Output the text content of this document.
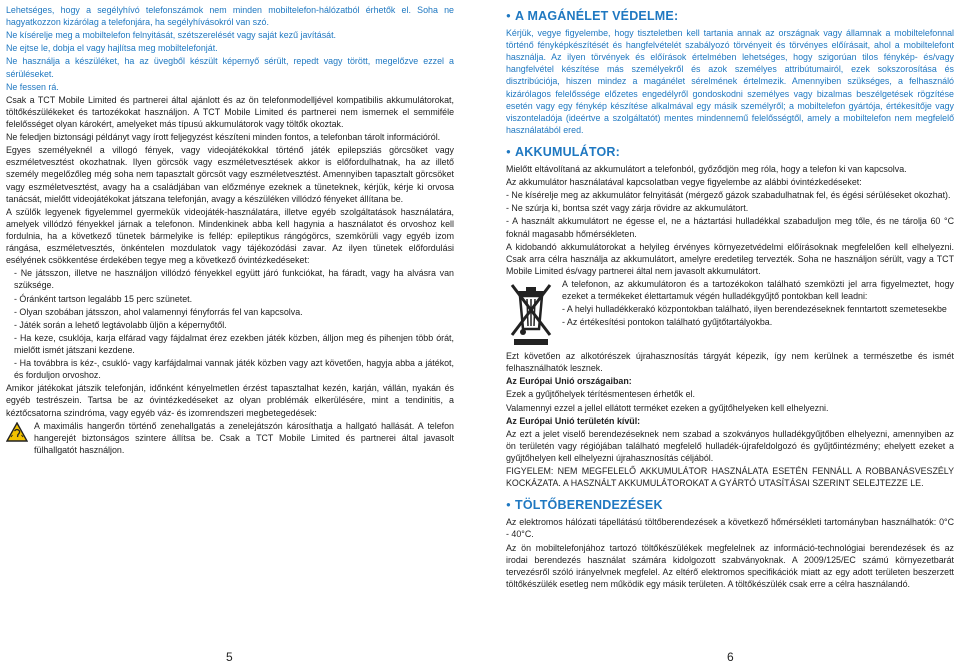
Lehetséges, hogy a segélyhívó telefonszámok nem minden mobiltelefon-hálózatból érhetők el. Soha ne hagyatkozzon kizárólag a telefonjára, ha segélyhívásokról van szó.

Ne kísérelje meg a mobiltelefon felnyitását, szétszerelését vagy saját kezű javítását.

Ne ejtse le, dobja el vagy hajlítsa meg mobiltelefonját.

Ne használja a készüléket, ha az üvegből készült képernyő sérült, repedt vagy törött, megelőzve ezzel a sérüléseket.

Ne fessen rá.

Csak a TCT Mobile Limited és partnerei által ajánlott és az ön telefonmodelljével kompatibilis akkumulátorokat, töltőkészülékeket és tartozékokat használjon. A TCT Mobile Limited és partnerei nem ismernek el semmiféle felelősséget olyan károkért, amelyeket más típusú akkumulátorok vagy töltők okoztak.

Ne feledjen biztonsági példányt vagy írott feljegyzést készíteni minden fontos, a telefonban tárolt információról.

Egyes személyeknél a villogó fények, vagy videojátékokkal történő játék epilepsziás görcsöket vagy eszméletvesztést okozhatnak. Ilyen görcsök vagy eszméletvesztések akkor is előfordulhatnak, ha az illető személy megelőzőleg még soha nem tapasztalt görcsöt vagy eszméletvesztést. Amennyiben tapasztalt görcsöket vagy eszméletvesztést, avagy ha a családjában van előzménye ezeknek a tüneteknek, kérjük, kérje ki orvosa tanácsát, mielőtt videojátékokat játszana telefonján, avagy a készüléken villódzó fényeket állítana be.

A szülők legyenek figyelemmel gyermekük videojáték-használatára, illetve egyéb szolgáltatások használatára, amelyek villódzó fényekkel járnak a telefonon. Mindenkinek abba kell hagynia a használatot és orvoshoz kell fordulnia, ha a következő tünetek bármelyike is fellép: epileptikus rángógörcs, szemkörüli vagy egyéb izom rángása, eszméletvesztés, önkéntelen mozdulatok vagy tájékozódási zavar. Az ilyen tünetek előfordulási esélyének csökkentése érdekében tegye meg a következő óvintézkedéseket:

- Ne játsszon, illetve ne használjon villódzó fényekkel együtt járó funkciókat, ha fáradt, vagy ha alvásra van szüksége.

- Óránként tartson legalább 15 perc szünetet.

- Olyan szobában játsszon, ahol valamennyi fényforrás fel van kapcsolva.

- Játék során a lehető legtávolabb üljön a képernyőtől.

- Ha keze, csuklója, karja elfárad vagy fájdalmat érez ezekben játék közben, álljon meg és pihenjen több órát, mielőtt ismét játszani kezdene.

- Ha továbbra is kéz-, csukló- vagy karfájdalmai vannak játék közben vagy azt követően, hagyja abba a játékot, és forduljon orvoshoz.

Amikor játékokat játszik telefonján, időnként kényelmetlen érzést tapasztalhat kezén, karján, vállán, nyakán és egyéb testrészein. Tartsa be az óvintézkedéseket az olyan problémák elkerülésére, mint a tendinitis, a kéztőcsatorna szindróma, vagy egyéb váz- és izomrendszeri megbetegedések:

A maximális hangerőn történő zenehallgatás a zenelejátszón károsíthatja a hallgató hallását. A telefon hangerejét biztonságos szintere állítsa be. Csak a TCT Mobile Limited és partnerei által javasolt fülhallgatót használjon.

● A MAGÁNÉLET VÉDELME:

Kérjük, vegye figyelembe, hogy tiszteletben kell tartania annak az országnak vagy államnak a mobiltelefonnal történő fényképkészítését és hangfelvételét szabályozó törvényeit és törvényes előírásait, ahol a mobiltelefont használja. Az ilyen törvények és előírások értelmében lehetséges, hogy szigorúan tilos fénykép- és/vagy hangfelvétel készítése más személyekről és azok személyes attribútumairól, ezek sokszorosítása és disztribúciója, hiszen mindez a magánélet sérelmének értelmezik. Amennyiben szükséges, a felhasználó kizárólagos felelőssége előzetes engedélyről gondoskodni személyes vagy bizalmas beszélgetések rögzítése esetén vagy egy fénykép készítése alkalmával egy másik személyről; a mobiltelefon gyártója, értékesítője vagy viszonteladója (ideértve a szolgáltatót) mentes mindennemű felelősségtől, amely a mobiltelefon nem megfelelő használatából ered.

● AKKUMULÁTOR:

Mielőtt eltávolítaná az akkumulátort a telefonból, győződjön meg róla, hogy a telefon ki van kapcsolva.

Az akkumulátor használatával kapcsolatban vegye figyelembe az alábbi óvintézkedéseket:

- Ne kísérelje meg az akkumulátor felnyitását (mérgező gázok szabadulhatnak fel, és égési sérüléseket okozhat).

- Ne szúrja ki, bontsa szét vagy zárja rövidre az akkumulátort.

- A használt akkumulátort ne égesse el, ne a háztartási hulladékkal szabaduljon meg tőle, és ne tárolja 60 °C foknál magasabb hőmérsékleten.

A kidobandó akkumulátorokat a helyileg érvényes környezetvédelmi előírásoknak megfelelően kell elhelyezni. Csak arra célra használja az akkumulátort, amelyre eredetileg tervezték. Soha ne használjon sérült, vagy a TCT Mobile Limited és/vagy partnerei által nem javasolt akkumulátort.

A telefonon, az akkumulátoron és a tartozékokon található szemközti jel arra figyelmeztet, hogy ezeket a termékeket élettartamuk végén hulladékgyűjtő pontokban kell leadni:

- A helyi hulladékkerakó központokban található, ilyen berendezéseknek fenntartott szemetesekbe

- Az értékesítési pontokon található gyűjtőtartályokba.

Ezt követően az alkotórészek újrahasznosítás tárgyát képezik, így nem kerülnek a természetbe és ismét felhasználhatók lesznek.

Az Európai Unió országaiban:

Ezek a gyűjtőhelyek térítésmentesen érhetők el.

Valamennyi ezzel a jellel ellátott terméket ezeken a gyűjtőhelyeken kell elhelyezni.

Az Európai Unió területén kívül:

Az ezt a jelet viselő berendezéseknek nem szabad a szokványos hulladékgyűjtőben elhelyezni, amennyiben az ön területén vagy régiójában található megfelelő hulladék-újrafeldolgozó és gyűjtőintézmény; ehelyett ezeket a gyűjtőhelyen kell elhelyezni újrahasznosítás céljából.

FIGYELEM: NEM MEGFELELŐ AKKUMULÁTOR HASZNÁLATA ESETÉN FENNÁLL A ROBBANÁSVESZÉLY KOCKÁZATA. A HASZNÁLT AKKUMULÁTOROKAT A GYÁRTÓ UTASÍTÁSAI SZERINT SELEJTEZZE LE.

● TÖLTŐBERENDEZÉSEK

Az elektromos hálózati tápellátású töltőberendezések a következő hőmérsékleti tartományban használhatók: 0°C - 40°C.

Az ön mobiltelefonjához tartozó töltőkészülékek megfelelnek az információ-technológiai berendezések és az irodai berendezés használat számára kidolgozott szabványoknak. A 2009/125/EC számú környezetbarát tervezésről szóló irányelvnek megfelel. Az eltérő elektromos specifikációk miatt az egy adott területen beszerzett töltőkészülék esetleg nem működik egy másik területen. A töltőkészülék csak erre a célra használandó.

5	6
